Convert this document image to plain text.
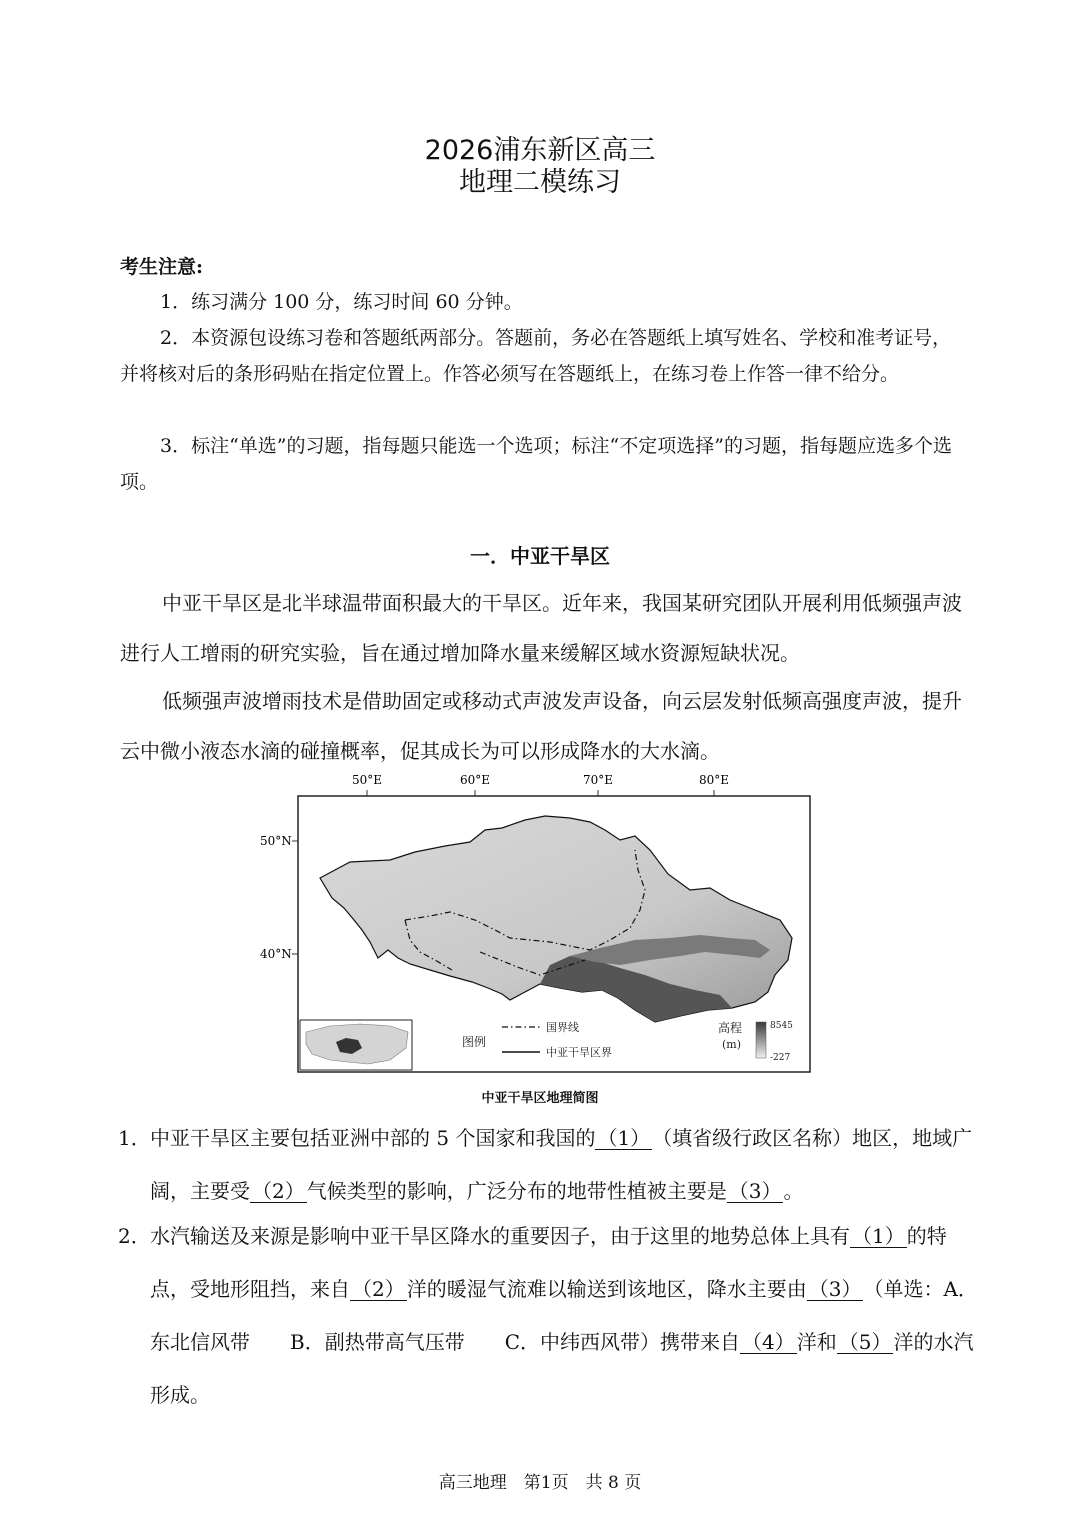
2026浦东新区高三
地理二模练习
考生注意:
1．练习满分 100 分，练习时间 60 分钟。
2．本资源包设练习卷和答题纸两部分。答题前，务必在答题纸上填写姓名、学校和准考证号，并将核对后的条形码贴在指定位置上。作答必须写在答题纸上，在练习卷上作答一律不给分。
3．标注“单选”的习题，指每题只能选一个选项；标注“不定项选择”的习题，指每题应选多个选项。
一．中亚干旱区
中亚干旱区是北半球温带面积最大的干旱区。近年来，我国某研究团队开展利用低频强声波进行人工增雨的研究实验，旨在通过增加降水量来缓解区域水资源短缺状况。
低频强声波增雨技术是借助固定或移动式声波发声设备，向云层发射低频高强度声波，提升云中微小液态水滴的碰撞概率，促其成长为可以形成降水的大水滴。
50°E	60°E	70°E	80°E
50°N
40°N
图例
国界线
中亚干旱区界
高程
(m)
8545
-227
中亚干旱区地理简图
1． 中亚干旱区主要包括亚洲中部的 5 个国家和我国的 （1） （填省级行政区名称）地区，地域广阔，主要受 （2） 气候类型的影响，广泛分布的地带性植被主要是 （3） 。
2． 水汽输送及来源是影响中亚干旱区降水的重要因子，由于这里的地势总体上具有 （1） 的特点，受地形阻挡，来自 （2） 洋的暖湿气流难以输送到该地区，降水主要由 （3） （单选：A．东北信风带　　B．副热带高气压带　　C．中纬西风带）携带来自 （4） 洋和 （5） 洋的水汽形成。
高三地理　第1页　共 8 页
